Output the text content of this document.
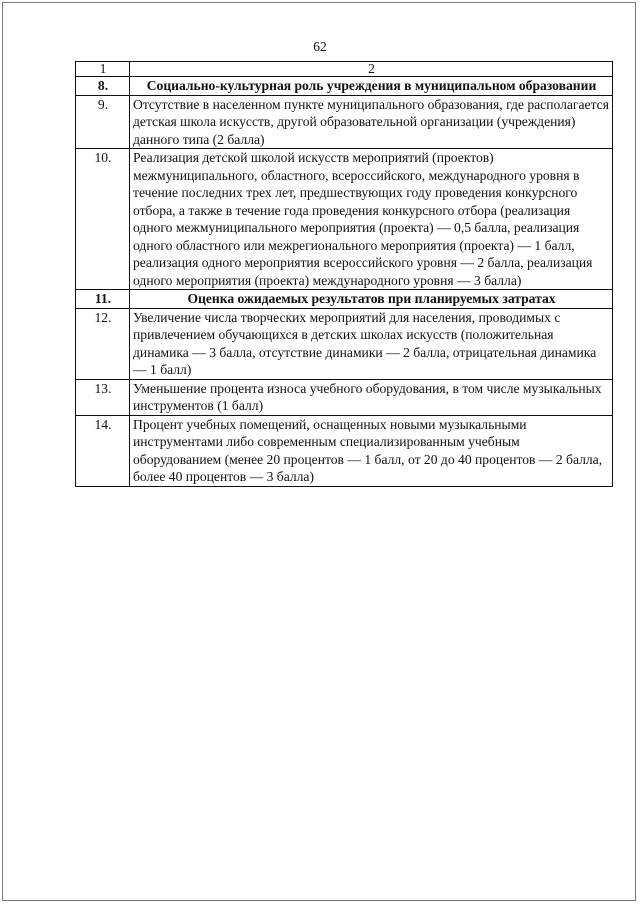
62
1	2
8.	Социально-культурная роль учреждения в муниципальном образовании
9.	Отсутствие в населенном пункте муниципального образования, где располагается детская школа искусств, другой образовательной организации (учреждения) данного типа (2 балла)
10.	Реализация детской школой искусств мероприятий (проектов) межмуниципального, областного, всероссийского, международного уровня в течение последних трех лет, предшествующих году проведения конкурсного отбора, а также в течение года проведения конкурсного отбора (реализация одного межмуниципального мероприятия (проекта) — 0,5 балла, реализация одного областного или межрегионального мероприятия (проекта) — 1 балл, реализация одного мероприятия всероссийского уровня — 2 балла, реализация одного мероприятия (проекта) международного уровня — 3 балла)
11.	Оценка ожидаемых результатов при планируемых затратах
12.	Увеличение числа творческих мероприятий для населения, проводимых с привлечением обучающихся в детских школах искусств (положительная динамика — 3 балла, отсутствие динамики — 2 балла, отрицательная динамика — 1 балл)
13.	Уменьшение процента износа учебного оборудования, в том числе музыкальных инструментов (1 балл)
14.	Процент учебных помещений, оснащенных новыми музыкальными инструментами либо современным специализированным учебным оборудованием (менее 20 процентов — 1 балл, от 20 до 40 процентов — 2 балла, более 40 процентов — 3 балла)
